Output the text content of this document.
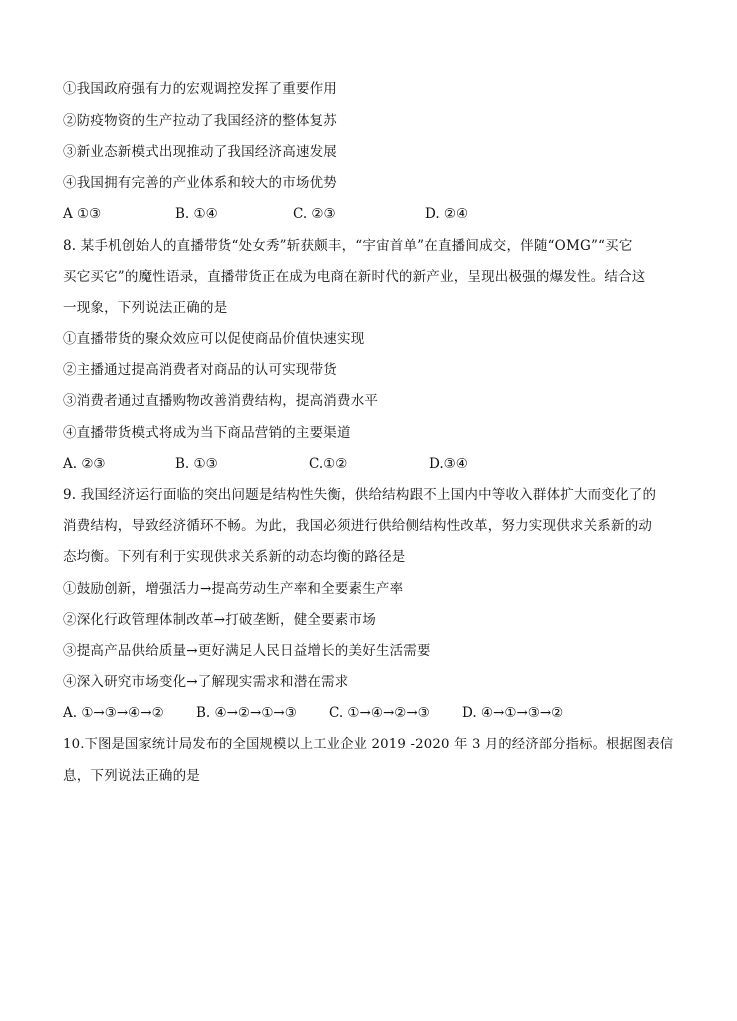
①我国政府强有力的宏观调控发挥了重要作用
②防疫物资的生产拉动了我国经济的整体复苏
③新业态新模式出现推动了我国经济高速发展
④我国拥有完善的产业体系和较大的市场优势
A ①③	B. ①④	C. ②③	D. ②④
8. 某手机创始人的直播带货“处女秀”斩获颇丰，“宇宙首单”在直播间成交，伴随“OMG”“买它
买它买它”的魔性语录，直播带货正在成为电商在新时代的新产业，呈现出极强的爆发性。结合这
一现象，下列说法正确的是
①直播带货的聚众效应可以促使商品价值快速实现
②主播通过提高消费者对商品的认可实现带货
③消费者通过直播购物改善消费结构，提高消费水平
④直播带货模式将成为当下商品营销的主要渠道
A. ②③	B. ①③	C.①②	D.③④
9. 我国经济运行面临的突出问题是结构性失衡，供给结构跟不上国内中等收入群体扩大而变化了的
消费结构，导致经济循环不畅。为此，我国必须进行供给侧结构性改革，努力实现供求关系新的动
态均衡。下列有利于实现供求关系新的动态均衡的路径是
①鼓励创新，增强活力→提高劳动生产率和全要素生产率
②深化行政管理体制改革→打破垄断，健全要素市场
③提高产品供给质量→更好满足人民日益增长的美好生活需要
④深入研究市场变化→了解现实需求和潜在需求
A. ①→③→④→② B. ④→②→①→③ C. ①→④→②→③ D. ④→①→③→②
10.下图是国家统计局发布的全国规模以上工业企业 2019 -2020 年 3 月的经济部分指标。根据图表信
息，下列说法正确的是
